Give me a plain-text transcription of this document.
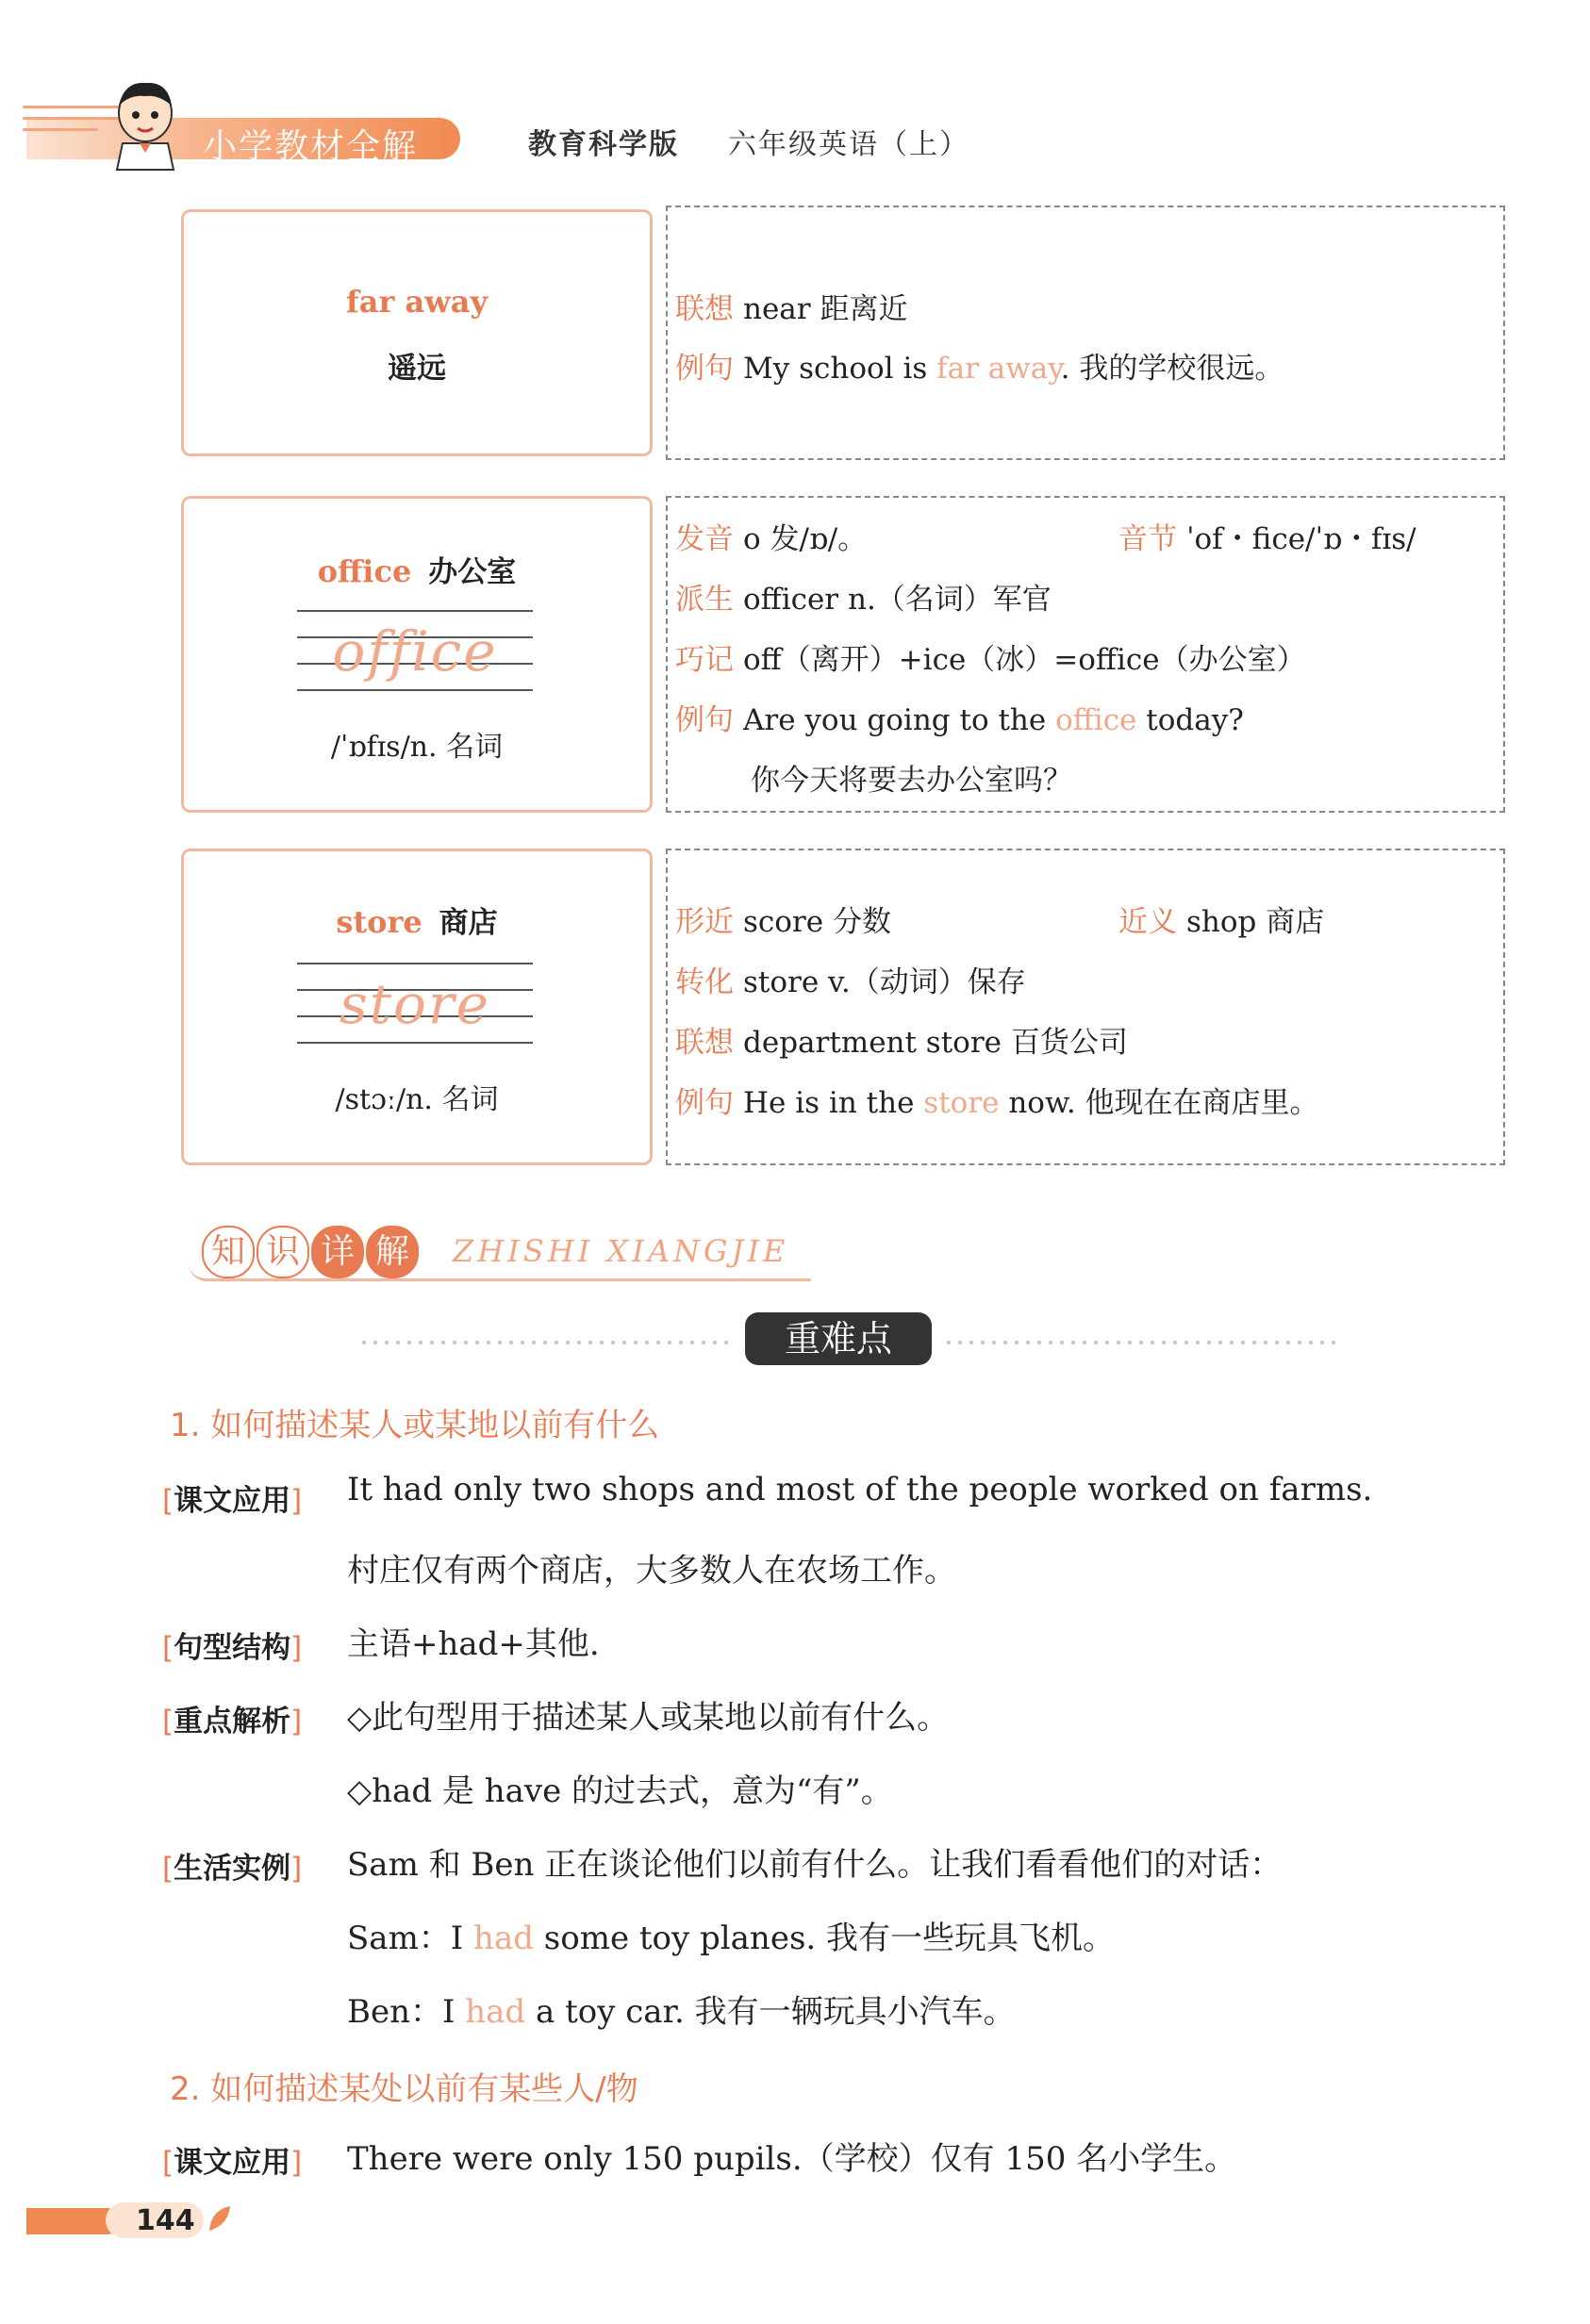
小学教材全解	教育科学版 六年级英语（上）
far away
遥远
联想 near 距离近
例句 My school is far away. 我的学校很远。
office 办公室
office
/ˈɒfɪs/n. 名词
发音 o 发/ɒ/。	音节 ˈof・fice/ˈɒ・fɪs/
派生 officer n.（名词）军官
巧记 off（离开）+ice（冰）=office（办公室）
例句 Are you going to the office today?
你今天将要去办公室吗？
store 商店
store
/stɔː/n. 名词
形近 score 分数	近义 shop 商店
转化 store v.（动词）保存
联想 department store 百货公司
例句 He is in the store now. 他现在在商店里。
知 识 详 解	ZHISHI XIANGJIE
重难点
1. 如何描述某人或某地以前有什么
[课文应用] It had only two shops and most of the people worked on farms.
村庄仅有两个商店，大多数人在农场工作。
[句型结构] 主语+had+其他.
[重点解析] ◇此句型用于描述某人或某地以前有什么。
◇had 是 have 的过去式，意为“有”。
[生活实例] Sam 和 Ben 正在谈论他们以前有什么。让我们看看他们的对话：
Sam：I had some toy planes. 我有一些玩具飞机。
Ben：I had a toy car. 我有一辆玩具小汽车。
2. 如何描述某处以前有某些人/物
[课文应用] There were only 150 pupils.（学校）仅有 150 名小学生。
144
